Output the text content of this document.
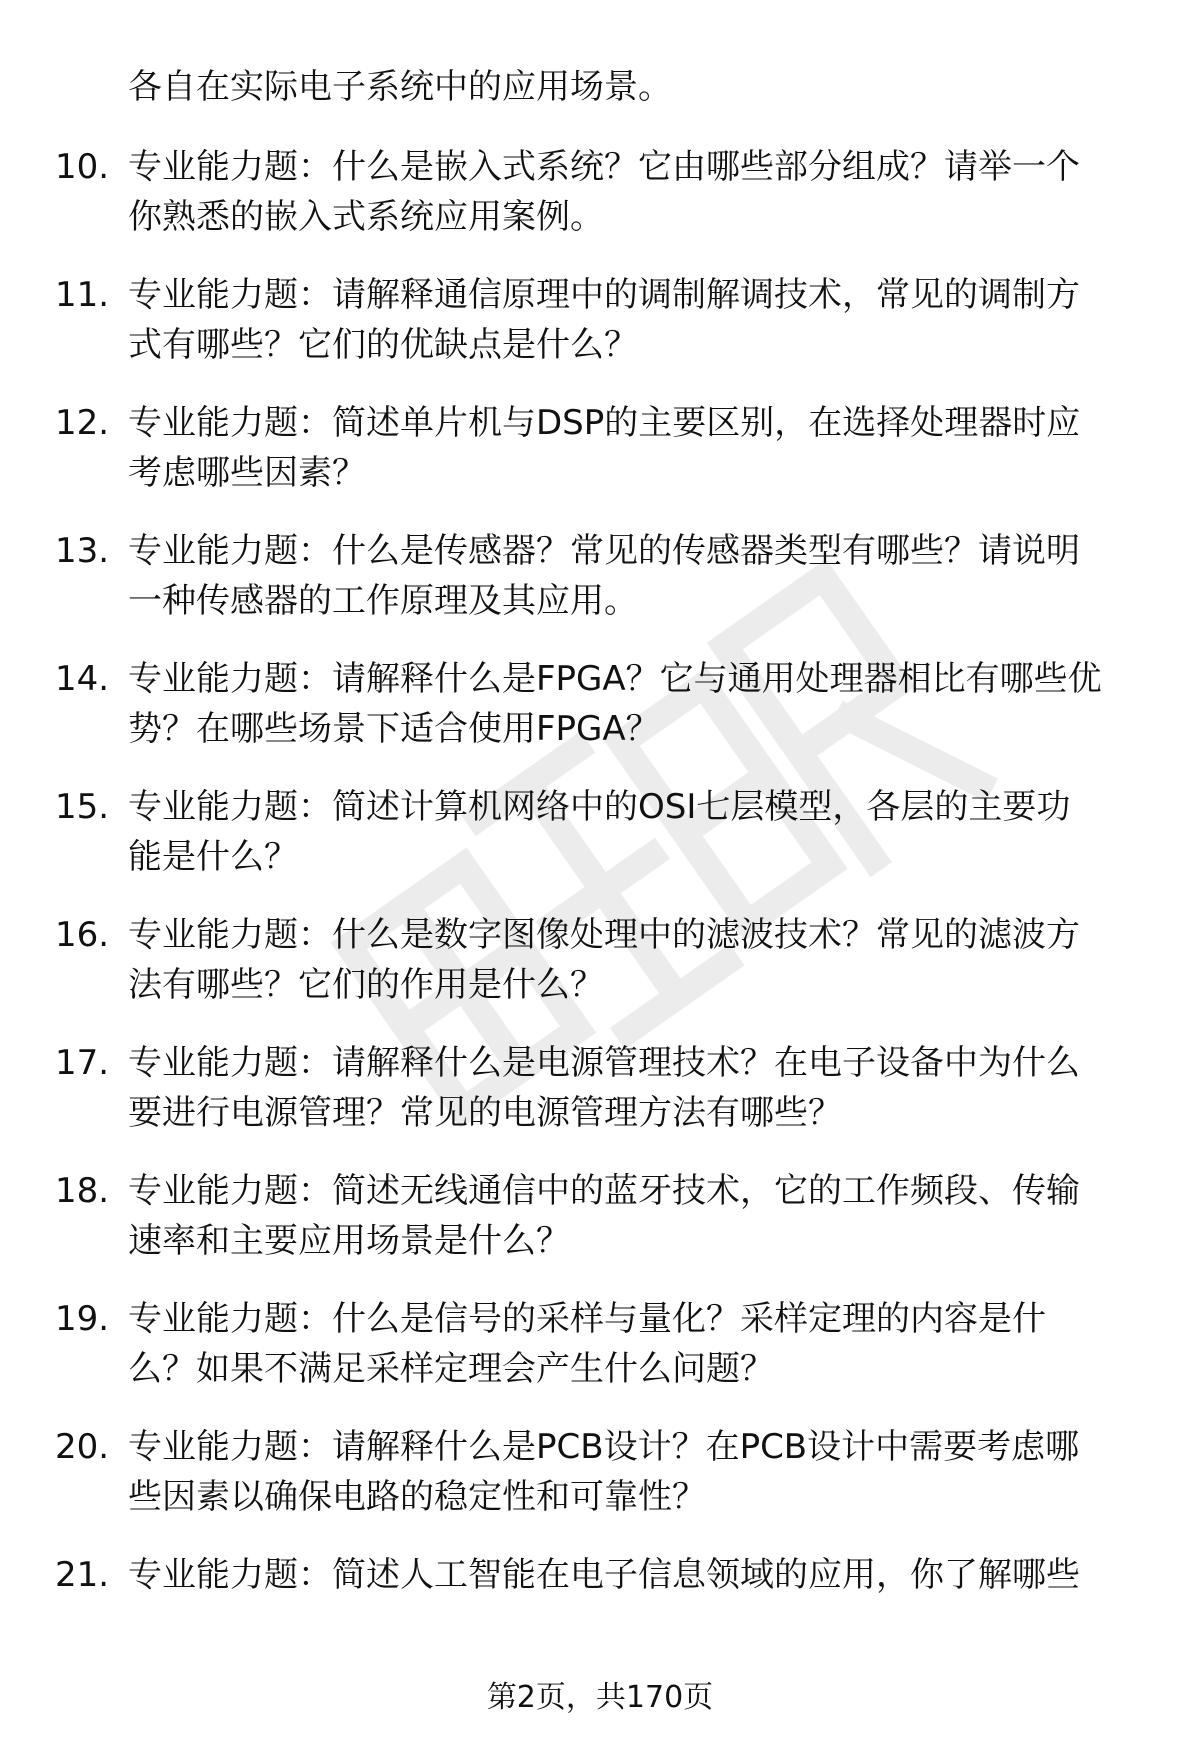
各自在实际电子系统中的应用场景。
10. 专业能力题：什么是嵌入式系统？它由哪些部分组成？请举一个
你熟悉的嵌入式系统应用案例。
11. 专业能力题：请解释通信原理中的调制解调技术，常见的调制方
式有哪些？它们的优缺点是什么？
12. 专业能力题：简述单片机与DSP的主要区别，在选择处理器时应
考虑哪些因素？
13. 专业能力题：什么是传感器？常见的传感器类型有哪些？请说明
一种传感器的工作原理及其应用。
14. 专业能力题：请解释什么是FPGA？它与通用处理器相比有哪些优
势？在哪些场景下适合使用FPGA？
15. 专业能力题：简述计算机网络中的OSI七层模型，各层的主要功
能是什么？
16. 专业能力题：什么是数字图像处理中的滤波技术？常见的滤波方
法有哪些？它们的作用是什么？
17. 专业能力题：请解释什么是电源管理技术？在电子设备中为什么
要进行电源管理？常见的电源管理方法有哪些？
18. 专业能力题：简述无线通信中的蓝牙技术，它的工作频段、传输
速率和主要应用场景是什么？
19. 专业能力题：什么是信号的采样与量化？采样定理的内容是什
么？如果不满足采样定理会产生什么问题？
20. 专业能力题：请解释什么是PCB设计？在PCB设计中需要考虑哪
些因素以确保电路的稳定性和可靠性？
21. 专业能力题：简述人工智能在电子信息领域的应用，你了解哪些
第2页，共170页
